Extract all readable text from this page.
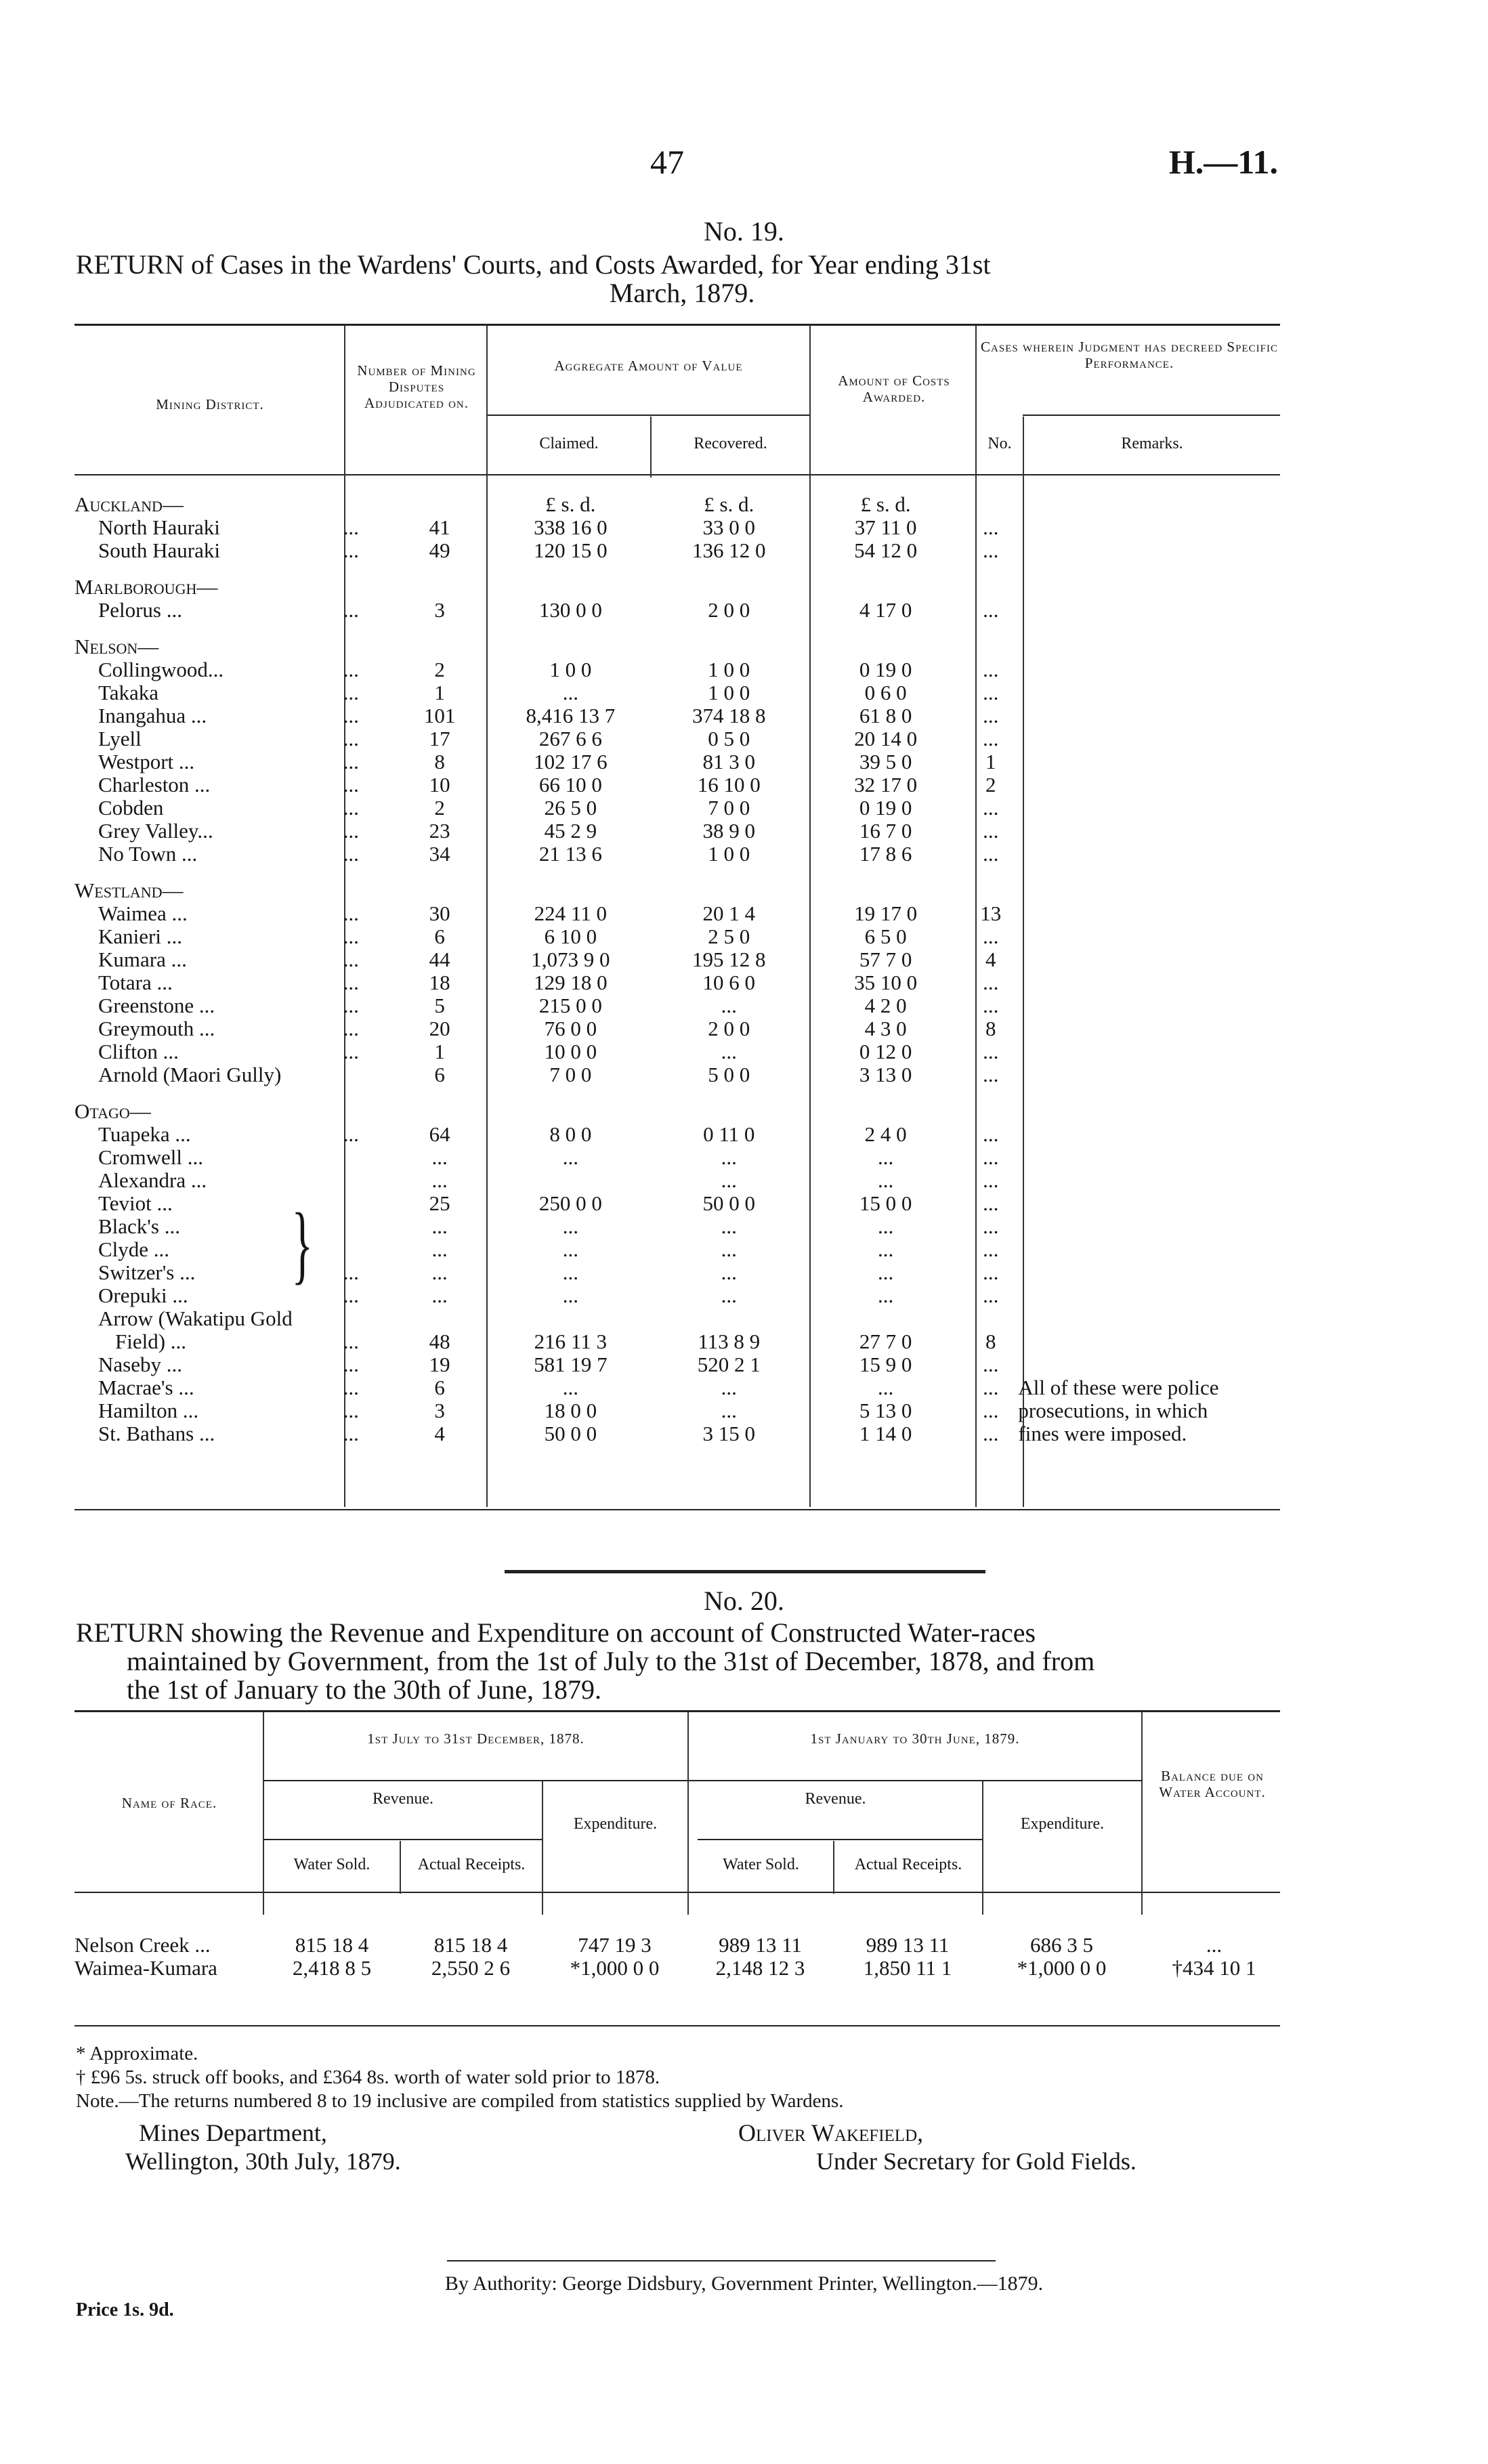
47	H.—11.
No. 19.
RETURN of Cases in the Wardens' Courts, and Costs Awarded, for Year ending 31st
March, 1879.
Mining District.
Number of Mining Disputes Adjudicated on.
Aggregate Amount of Value
Claimed.	Recovered.
Amount of Costs Awarded.
Cases wherein Judgment has decreed Specific Performance.
No.	Remarks.
Auckland—			£ s. d.	£ s. d.	£ s. d.		
North Hauraki	...	41	338 16 0	33 0 0	37 11 0	...	
South Hauraki	...	49	120 15 0	136 12 0	54 12 0	...	
Marlborough—							
Pelorus ...	...	3	130 0 0	2 0 0	4 17 0	...	
Nelson—							
Collingwood...	...	2	1 0 0	1 0 0	0 19 0	...	
Takaka	...	1	...	1 0 0	0 6 0	...	
Inangahua ...	...	101	8,416 13 7	374 18 8	61 8 0	...	
Lyell	...	17	267 6 6	0 5 0	20 14 0	...	
Westport ...	...	8	102 17 6	81 3 0	39 5 0	1	
Charleston ...	...	10	66 10 0	16 10 0	32 17 0	2	
Cobden	...	2	26 5 0	7 0 0	0 19 0	...	
Grey Valley...	...	23	45 2 9	38 9 0	16 7 0	...	
No Town ...	...	34	21 13 6	1 0 0	17 8 6	...	
Westland—							
Waimea ...	...	30	224 11 0	20 1 4	19 17 0	13	
Kanieri ...	...	6	6 10 0	2 5 0	6 5 0	...	
Kumara ...	...	44	1,073 9 0	195 12 8	57 7 0	4	
Totara ...	...	18	129 18 0	10 6 0	35 10 0	...	
Greenstone ...	...	5	215 0 0	...	4 2 0	...	
Greymouth ...	...	20	76 0 0	2 0 0	4 3 0	8	
Clifton ...	...	1	10 0 0	...	0 12 0	...	
Arnold (Maori Gully)		6	7 0 0	5 0 0	3 13 0	...	
Otago—							
Tuapeka ...	...	64	8 0 0	0 11 0	2 4 0	...	
Cromwell ...		...	...	...	...	...	
Alexandra ...		...		...	...	...	
Teviot ...		25	250 0 0	50 0 0	15 0 0	...	
Black's ...		...	...	...	...	...	
Clyde ...		...	...	...	...	...	
Switzer's ...	...	...	...	...	...	...	
Orepuki ...	...	...	...	...	...	...	
Arrow (Wakatipu Gold							
Field) ...	...	48	216 11 3	113 8 9	27 7 0	8	
Naseby ...	...	19	581 19 7	520 2 1	15 9 0	...	
Macrae's ...	...	6	...	...	...	...	All of these were police
Hamilton ...	...	3	18 0 0	...	5 13 0	...	prosecutions, in which
St. Bathans ...	...	4	50 0 0	3 15 0	1 14 0	...	fines were imposed.
}
No. 20.
RETURN showing the Revenue and Expenditure on account of Constructed Water-races
maintained by Government, from the 1st of July to the 31st of December, 1878, and from
the 1st of January to the 30th of June, 1879.
Name of Race.
1st July to 31st December, 1878.	1st January to 30th June, 1879.
Revenue.	Revenue.
Expenditure.	Expenditure.
Water Sold.	Actual Receipts.	Water Sold.	Actual Receipts.
Balance due on Water Account.
Nelson Creek ...	815 18 4	815 18 4	747 19 3	989 13 11	989 13 11	686 3 5	...
Waimea-Kumara	2,418 8 5	2,550 2 6	*1,000 0 0	2,148 12 3	1,850 11 1	*1,000 0 0	†434 10 1
* Approximate.
† £96 5s. struck off books, and £364 8s. worth of water sold prior to 1878.
Note.—The returns numbered 8 to 19 inclusive are compiled from statistics supplied by Wardens.
Mines Department,
Wellington, 30th July, 1879.
Oliver Wakefield,
Under Secretary for Gold Fields.
By Authority: George Didsbury, Government Printer, Wellington.—1879.
Price 1s. 9d.
